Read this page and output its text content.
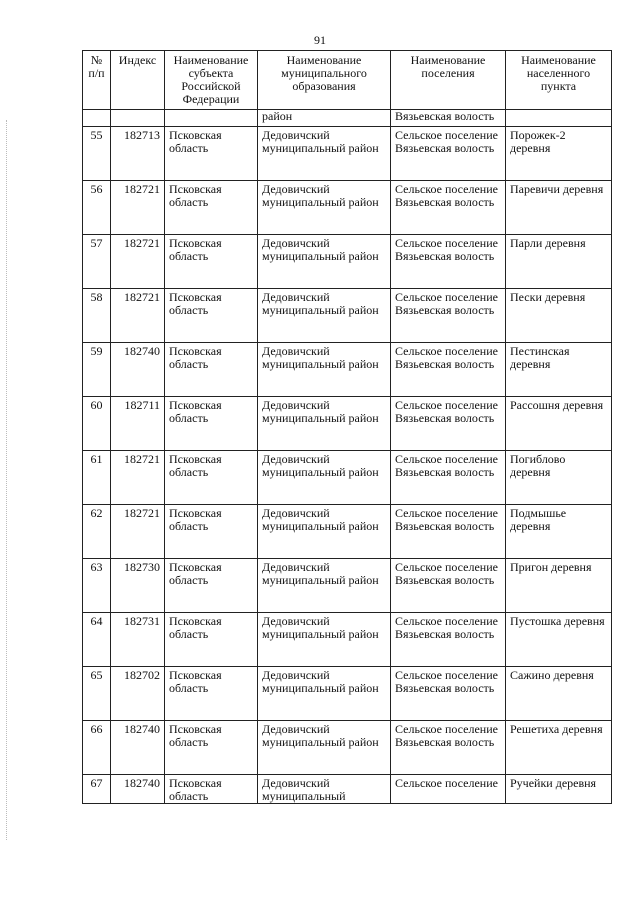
91
№ п/п	Индекс	Наименование субъекта Российской Федерации	Наименование муниципального образования	Наименование поселения	Наименование населенного пункта
			район	Вязьевская волость	
55	182713	Псковская область	Дедовичский муниципальный район	Сельское поселение Вязьевская волость	Порожек-2 деревня
56	182721	Псковская область	Дедовичский муниципальный район	Сельское поселение Вязьевская волость	Паревичи деревня
57	182721	Псковская область	Дедовичский муниципальный район	Сельское поселение Вязьевская волость	Парли деревня
58	182721	Псковская область	Дедовичский муниципальный район	Сельское поселение Вязьевская волость	Пески деревня
59	182740	Псковская область	Дедовичский муниципальный район	Сельское поселение Вязьевская волость	Пестинская деревня
60	182711	Псковская область	Дедовичский муниципальный район	Сельское поселение Вязьевская волость	Рассошня деревня
61	182721	Псковская область	Дедовичский муниципальный район	Сельское поселение Вязьевская волость	Погиблово деревня
62	182721	Псковская область	Дедовичский муниципальный район	Сельское поселение Вязьевская волость	Подмышье деревня
63	182730	Псковская область	Дедовичский муниципальный район	Сельское поселение Вязьевская волость	Пригон деревня
64	182731	Псковская область	Дедовичский муниципальный район	Сельское поселение Вязьевская волость	Пустошка деревня
65	182702	Псковская область	Дедовичский муниципальный район	Сельское поселение Вязьевская волость	Сажино деревня
66	182740	Псковская область	Дедовичский муниципальный район	Сельское поселение Вязьевская волость	Решетиха деревня
67	182740	Псковская область	Дедовичский муниципальный	Сельское поселение	Ручейки деревня
